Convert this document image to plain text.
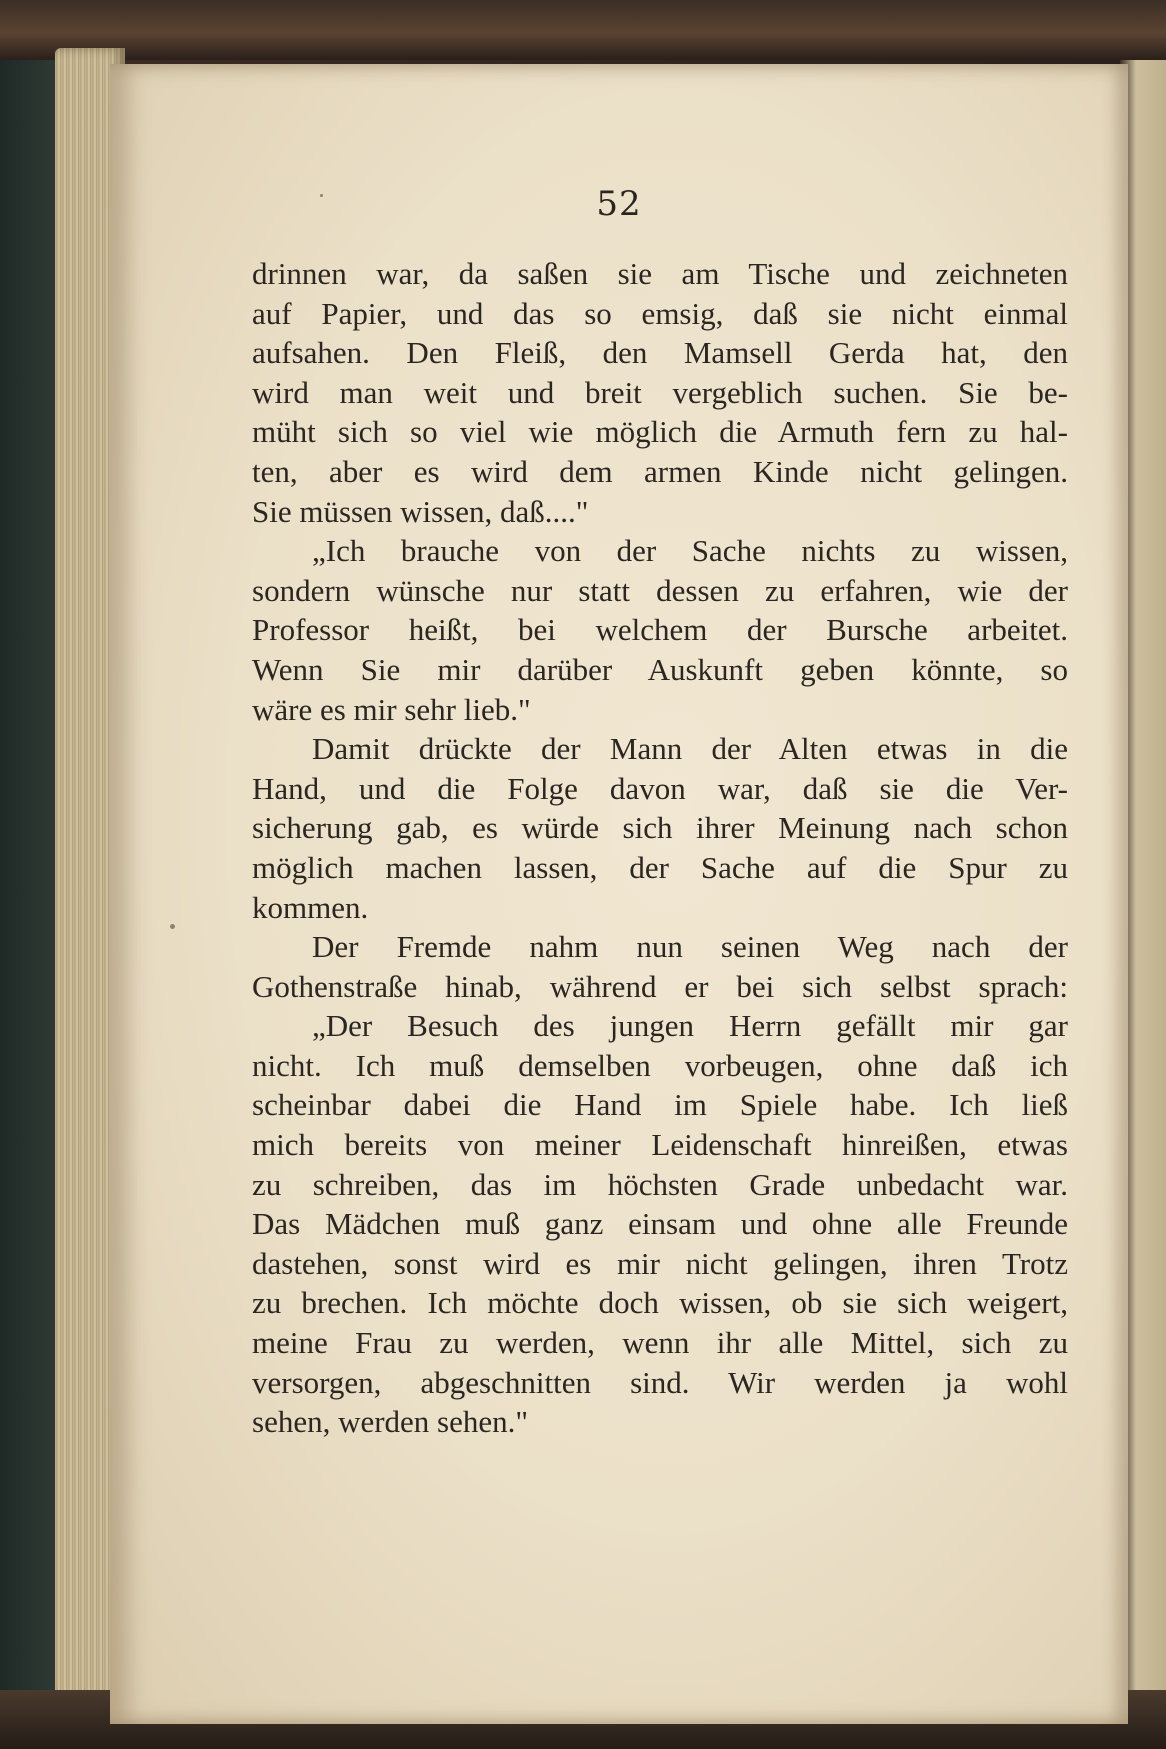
52
drinnen war, da saßen sie am Tische und zeichneten
auf Papier, und das so emsig, daß sie nicht einmal
aufsahen. Den Fleiß, den Mamsell Gerda hat, den
wird man weit und breit vergeblich suchen. Sie be-
müht sich so viel wie möglich die Armuth fern zu hal-
ten, aber es wird dem armen Kinde nicht gelingen.
Sie müssen wissen, daß...."
„Ich brauche von der Sache nichts zu wissen,
sondern wünsche nur statt dessen zu erfahren, wie der
Professor heißt, bei welchem der Bursche arbeitet.
Wenn Sie mir darüber Auskunft geben könnte, so
wäre es mir sehr lieb."
Damit drückte der Mann der Alten etwas in die
Hand, und die Folge davon war, daß sie die Ver-
sicherung gab, es würde sich ihrer Meinung nach schon
möglich machen lassen, der Sache auf die Spur zu
kommen.
Der Fremde nahm nun seinen Weg nach der
Gothenstraße hinab, während er bei sich selbst sprach:
„Der Besuch des jungen Herrn gefällt mir gar
nicht. Ich muß demselben vorbeugen, ohne daß ich
scheinbar dabei die Hand im Spiele habe. Ich ließ
mich bereits von meiner Leidenschaft hinreißen, etwas
zu schreiben, das im höchsten Grade unbedacht war.
Das Mädchen muß ganz einsam und ohne alle Freunde
dastehen, sonst wird es mir nicht gelingen, ihren Trotz
zu brechen. Ich möchte doch wissen, ob sie sich weigert,
meine Frau zu werden, wenn ihr alle Mittel, sich zu
versorgen, abgeschnitten sind. Wir werden ja wohl
sehen, werden sehen."
